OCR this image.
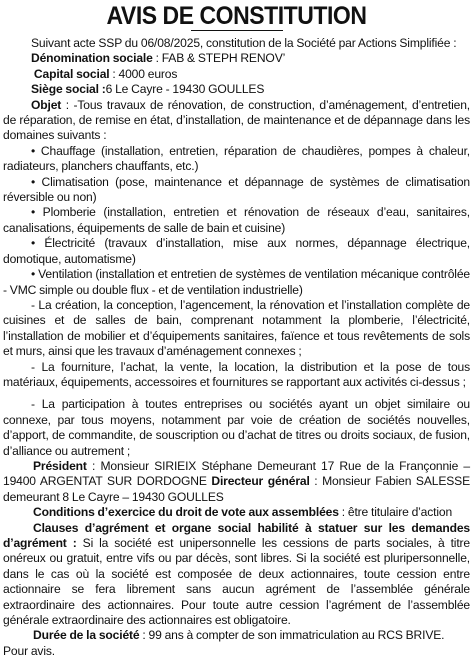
AVIS DE CONSTITUTION

Suivant acte SSP du 06/08/2025, constitution de la Société par Actions Simplifiée :

Dénomination sociale : FAB & STEPH RENOV’

Capital social : 4000 euros

Siège social :6 Le Cayre - 19430 GOULLES

Objet : -Tous travaux de rénovation, de construction, d’aménagement, d’entretien, de réparation, de remise en état, d’installation, de maintenance et de dépannage dans les domaines suivants :

• Chauffage (installation, entretien, réparation de chaudières, pompes à chaleur, radiateurs, planchers chauffants, etc.)

• Climatisation (pose, maintenance et dépannage de systèmes de climatisation réversible ou non)

• Plomberie (installation, entretien et rénovation de réseaux d’eau, sanitaires, canalisations, équipements de salle de bain et cuisine)

• Électricité (travaux d’installation, mise aux normes, dépannage électrique, domotique, automatisme)

• Ventilation (installation et entretien de systèmes de ventilation mécanique contrôlée - VMC simple ou double flux - et de ventilation industrielle)

- La création, la conception, l’agencement, la rénovation et l’installation complète de cuisines et de salles de bain, comprenant notamment la plomberie, l’électricité, l’installation de mobilier et d’équipements sanitaires, faïence et tous revêtements de sols et murs, ainsi que les travaux d’aménagement connexes ;

- La fourniture, l’achat, la vente, la location, la distribution et la pose de tous matériaux, équipements, accessoires et fournitures se rapportant aux activités ci-dessus ;

- La participation à toutes entreprises ou sociétés ayant un objet similaire ou connexe, par tous moyens, notamment par voie de création de sociétés nouvelles, d’apport, de commandite, de souscription ou d’achat de titres ou droits sociaux, de fusion, d’alliance ou autrement ;

Président : Monsieur SIRIEIX Stéphane Demeurant 17 Rue de la Françonnie – 19400 ARGENTAT SUR DORDOGNE Directeur général : Monsieur Fabien SALESSE demeurant 8 Le Cayre – 19430 GOULLES

Conditions d’exercice du droit de vote aux assemblées : être titulaire d’action

Clauses d’agrément et organe social habilité à statuer sur les demandes d’agrément : Si la société est unipersonnelle les cessions de parts sociales, à titre onéreux ou gratuit, entre vifs ou par décès, sont libres. Si la société est pluripersonnelle, dans le cas où la société est composée de deux actionnaires, toute cession entre actionnaire se fera librement sans aucun agrément de l’assemblée générale extraordinaire des actionnaires. Pour toute autre cession l’agrément de l’assemblée générale extraordinaire des actionnaires est obligatoire.

Durée de la société : 99 ans à compter de son immatriculation au RCS BRIVE.

Pour avis.
